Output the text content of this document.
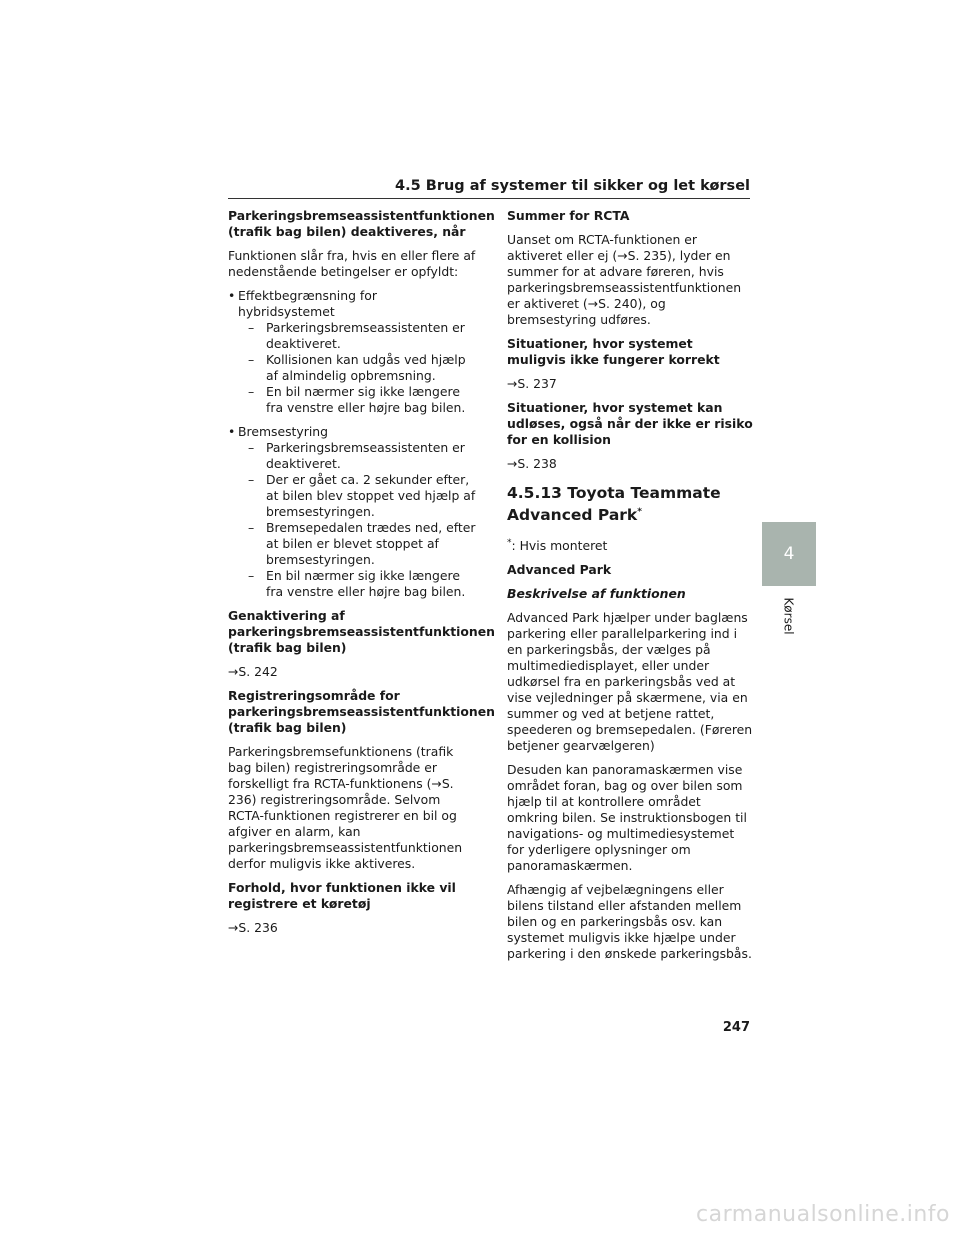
4.5 Brug af systemer til sikker og let kørsel

Parkeringsbremseassistentfunktionen (trafik bag bilen) deaktiveres, når

Funktionen slår fra, hvis en eller flere af nedenstående betingelser er opfyldt:

• Effektbegrænsning for hybridsystemet
– Parkeringsbremseassistenten er deaktiveret.
– Kollisionen kan udgås ved hjælp af almindelig opbremsning.
– En bil nærmer sig ikke længere fra venstre eller højre bag bilen.
• Bremsestyring
– Parkeringsbremseassistenten er deaktiveret.
– Der er gået ca. 2 sekunder efter, at bilen blev stoppet ved hjælp af bremsestyringen.
– Bremsepedalen trædes ned, efter at bilen er blevet stoppet af bremsestyringen.
– En bil nærmer sig ikke længere fra venstre eller højre bag bilen.

Genaktivering af parkeringsbremseassistentfunktionen (trafik bag bilen)

→S. 242

Registreringsområde for parkeringsbremseassistentfunktionen (trafik bag bilen)

Parkeringsbremsefunktionens (trafik bag bilen) registreringsområde er forskelligt fra RCTA-funktionens (→S. 236) registreringsområde. Selvom RCTA-funktionen registrerer en bil og afgiver en alarm, kan parkeringsbremseassistentfunktionen derfor muligvis ikke aktiveres.

Forhold, hvor funktionen ikke vil registrere et køretøj

→S. 236

Summer for RCTA

Uanset om RCTA-funktionen er aktiveret eller ej (→S. 235), lyder en summer for at advare føreren, hvis parkeringsbremseassistentfunktionen er aktiveret (→S. 240), og bremsestyring udføres.

Situationer, hvor systemet muligvis ikke fungerer korrekt

→S. 237

Situationer, hvor systemet kan udløses, også når der ikke er risiko for en kollision

→S. 238

4.5.13 Toyota Teammate Advanced Park*

*: Hvis monteret

Advanced Park

Beskrivelse af funktionen

Advanced Park hjælper under baglæns parkering eller parallelparkering ind i en parkeringsbås, der vælges på multimediedisplayet, eller under udkørsel fra en parkeringsbås ved at vise vejledninger på skærmene, via en summer og ved at betjene rattet, speederen og bremsepedalen. (Føreren betjener gearvælgeren)

Desuden kan panoramaskærmen vise området foran, bag og over bilen som hjælp til at kontrollere området omkring bilen. Se instruktionsbogen til navigations- og multimediesystemet for yderligere oplysninger om panoramaskærmen.

Afhængig af vejbelægningens eller bilens tilstand eller afstanden mellem bilen og en parkeringsbås osv. kan systemet muligvis ikke hjælpe under parkering i den ønskede parkeringsbås.

4
Kørsel
247
carmanualsonline.info
